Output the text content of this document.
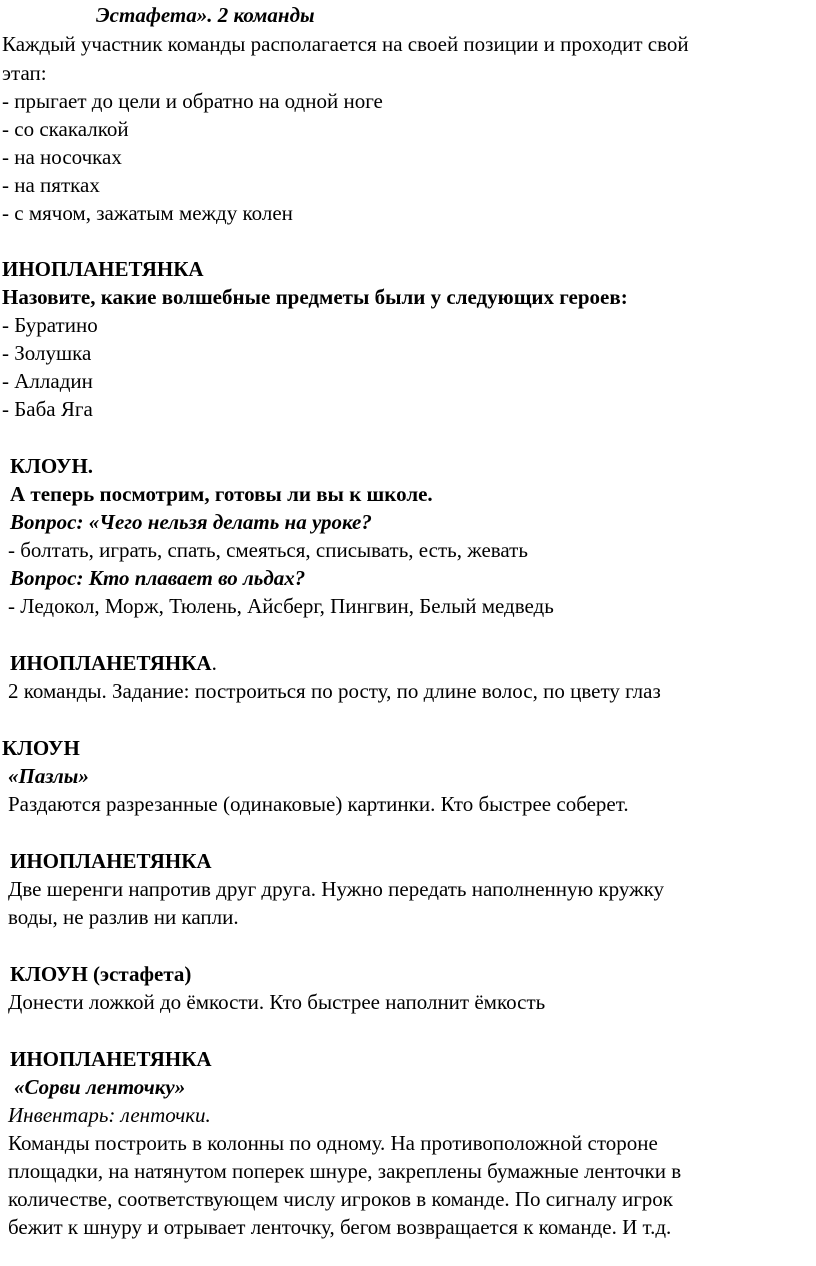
Эстафета». 2 команды
Каждый участник команды располагается на своей позиции и проходит свой
этап:
- прыгает до цели и обратно на одной ноге
- со скакалкой
- на носочках
- на пятках
- с мячом, зажатым между колен
ИНОПЛАНЕТЯНКА
Назовите, какие волшебные предметы были у следующих героев:
- Буратино
- Золушка
- Алладин
- Баба Яга
КЛОУН.
А теперь посмотрим, готовы ли вы к школе.
Вопрос: «Чего нельзя делать на уроке?
- болтать, играть, спать, смеяться, списывать, есть, жевать
Вопрос: Кто плавает во льдах?
- Ледокол, Морж, Тюлень, Айсберг, Пингвин, Белый медведь
ИНОПЛАНЕТЯНКА.
2 команды. Задание: построиться по росту, по длине волос, по цвету глаз
КЛОУН
«Пазлы»
Раздаются разрезанные (одинаковые) картинки. Кто быстрее соберет.
ИНОПЛАНЕТЯНКА
Две шеренги напротив друг друга. Нужно передать наполненную кружку
воды, не разлив ни капли.
КЛОУН (эстафета)
Донести ложкой до ёмкости. Кто быстрее наполнит ёмкость
ИНОПЛАНЕТЯНКА
«Сорви ленточку»
Инвентарь: ленточки.
Команды построить в колонны по одному. На противоположной стороне
площадки, на натянутом поперек шнуре, закреплены бумажные ленточки в
количестве, соответствующем числу игроков в команде. По сигналу игрок
бежит к шнуру и отрывает ленточку, бегом возвращается к команде. И т.д.
